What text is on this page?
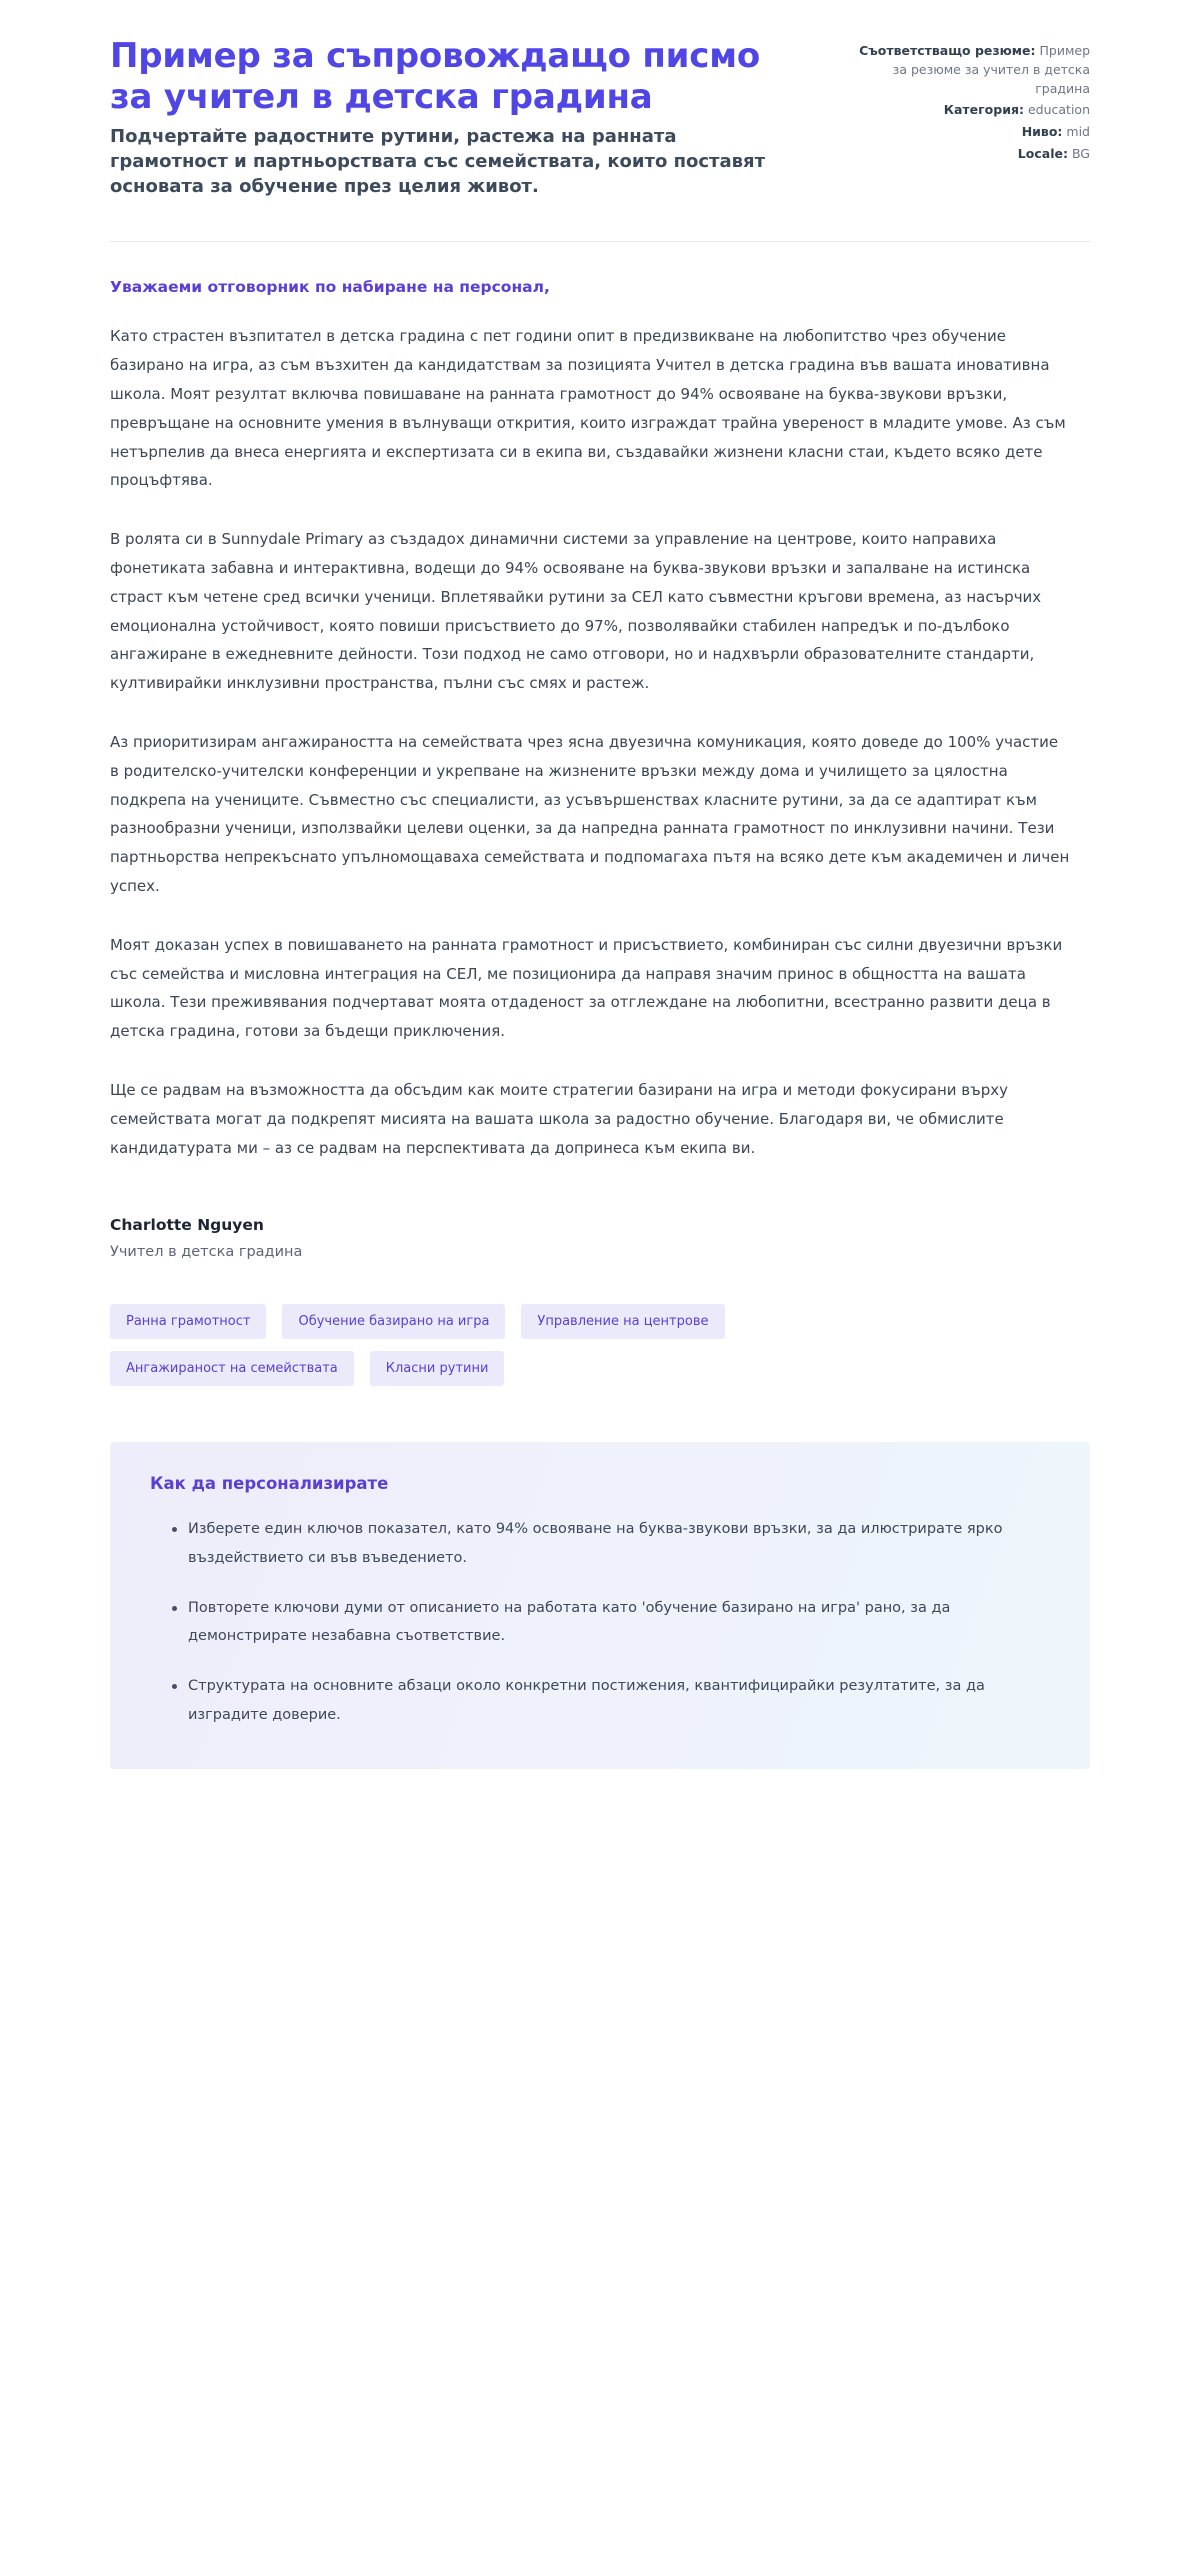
Пример за съпровождащо писмо за учител в детска градина

Подчертайте радостните рутини, растежа на ранната грамотност и партньорствата със семействата, които поставят основата за обучение през целия живот.

Съответстващо резюме: Пример за резюме за учител в детска градина
Категория: education
Ниво: mid
Locale: BG

Уважаеми отговорник по набиране на персонал,

Като страстен възпитател в детска градина с пет години опит в предизвикване на любопитство чрез обучение базирано на игра, аз съм възхитен да кандидатствам за позицията Учител в детска градина във вашата иновативна школа. Моят резултат включва повишаване на ранната грамотност до 94% освояване на буква-звукови връзки, превръщане на основните умения в вълнуващи открития, които изграждат трайна увереност в младите умове. Аз съм нетърпелив да внеса енергията и експертизата си в екипа ви, създавайки жизнени класни стаи, където всяко дете процъфтява.

В ролята си в Sunnydale Primary аз създадох динамични системи за управление на центрове, които направиха фонетиката забавна и интерактивна, водещи до 94% освояване на буква-звукови връзки и запалване на истинска страст към четене сред всички ученици. Вплетявайки рутини за СЕЛ като съвместни кръгови времена, аз насърчих емоционална устойчивост, която повиши присъствието до 97%, позволявайки стабилен напредък и по-дълбоко ангажиране в ежедневните дейности. Този подход не само отговори, но и надхвърли образователните стандарти, култивирайки инклузивни пространства, пълни със смях и растеж.

Аз приоритизирам ангажираността на семействата чрез ясна двуезична комуникация, която доведе до 100% участие в родителско-учителски конференции и укрепване на жизнените връзки между дома и училището за цялостна подкрепа на учениците. Съвместно със специалисти, аз усъвършенствах класните рутини, за да се адаптират към разнообразни ученици, използвайки целеви оценки, за да напредна ранната грамотност по инклузивни начини. Тези партньорства непрекъснато упълномощаваха семействата и подпомагаха пътя на всяко дете към академичен и личен успех.

Моят доказан успех в повишаването на ранната грамотност и присъствието, комбиниран със силни двуезични връзки със семейства и мисловна интеграция на СЕЛ, ме позиционира да направя значим принос в общността на вашата школа. Тези преживявания подчертават моята отдаденост за отглеждане на любопитни, всестранно развити деца в детска градина, готови за бъдещи приключения.

Ще се радвам на възможността да обсъдим как моите стратегии базирани на игра и методи фокусирани върху семействата могат да подкрепят мисията на вашата школа за радостно обучение. Благодаря ви, че обмислите кандидатурата ми – аз се радвам на перспективата да допринеса към екипа ви.

Charlotte Nguyen

Учител в детска градина

Ранна грамотност	Обучение базирано на игра	Управление на центрове
Ангажираност на семействата	Класни рутини
Как да персонализирате
Изберете един ключов показател, като 94% освояване на буква-звукови връзки, за да илюстрирате ярко въздействието си във въведението.
Повторете ключови думи от описанието на работата като 'обучение базирано на игра' рано, за да демонстрирате незабавна съответствие.
Структурата на основните абзаци около конкретни постижения, квантифицирайки резултатите, за да изградите доверие.
